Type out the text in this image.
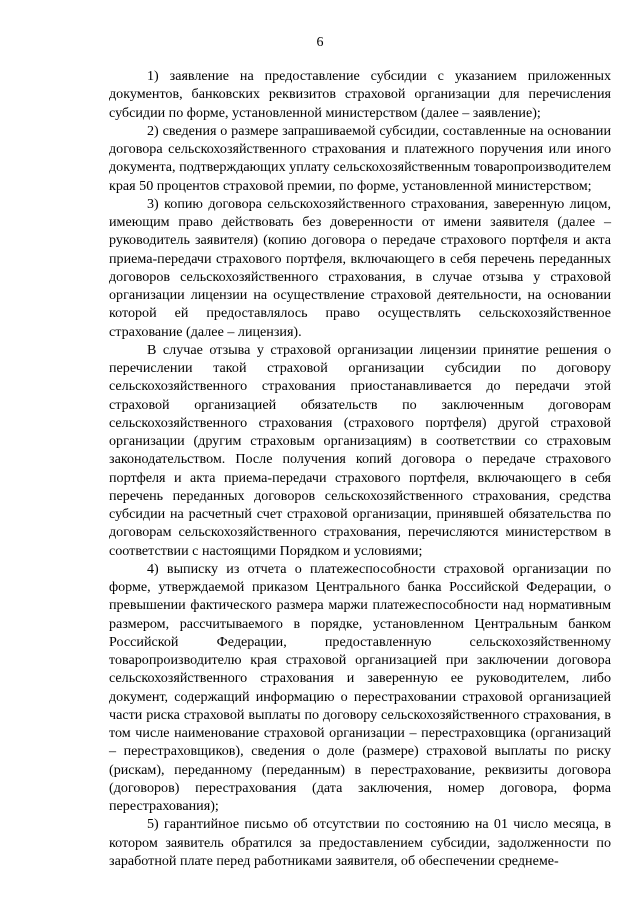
6

1) заявление на предоставление субсидии с указанием приложенных документов, банковских реквизитов страховой организации для перечисления субсидии по форме, установленной министерством (далее – заявление);

2) сведения о размере запрашиваемой субсидии, составленные на основании договора сельскохозяйственного страхования и платежного поручения или иного документа, подтверждающих уплату сельскохозяйственным товаропроизводителем края 50 процентов страховой премии, по форме, установленной министерством;

3) копию договора сельскохозяйственного страхования, заверенную лицом, имеющим право действовать без доверенности от имени заявителя (далее – руководитель заявителя) (копию договора о передаче страхового портфеля и акта приема-передачи страхового портфеля, включающего в себя перечень переданных договоров сельскохозяйственного страхования, в случае отзыва у страховой организации лицензии на осуществление страховой деятельности, на основании которой ей предоставлялось право осуществлять сельскохозяйственное страхование (далее – лицензия).

В случае отзыва у страховой организации лицензии принятие решения о перечислении такой страховой организации субсидии по договору сельскохозяйственного страхования приостанавливается до передачи этой страховой организацией обязательств по заключенным договорам сельскохозяйственного страхования (страхового портфеля) другой страховой организации (другим страховым организациям) в соответствии со страховым законодательством. После получения копий договора о передаче страхового портфеля и акта приема-передачи страхового портфеля, включающего в себя перечень переданных договоров сельскохозяйственного страхования, средства субсидии на расчетный счет страховой организации, принявшей обязательства по договорам сельскохозяйственного страхования, перечисляются министерством в соответствии с настоящими Порядком и условиями;

4) выписку из отчета о платежеспособности страховой организации по форме, утверждаемой приказом Центрального банка Российской Федерации, о превышении фактического размера маржи платежеспособности над нормативным размером, рассчитываемого в порядке, установленном Центральным банком Российской Федерации, предоставленную сельскохозяйственному товаропроизводителю края страховой организацией при заключении договора сельскохозяйственного страхования и заверенную ее руководителем, либо документ, содержащий информацию о перестраховании страховой организацией части риска страховой выплаты по договору сельскохозяйственного страхования, в том числе наименование страховой организации – перестраховщика (организаций – перестраховщиков), сведения о доле (размере) страховой выплаты по риску (рискам), переданному (переданным) в перестрахование, реквизиты договора (договоров) перестрахования (дата заключения, номер договора, форма перестрахования);

5) гарантийное письмо об отсутствии по состоянию на 01 число месяца, в котором заявитель обратился за предоставлением субсидии, задолженности по заработной плате перед работниками заявителя, об обеспечении среднеме-
